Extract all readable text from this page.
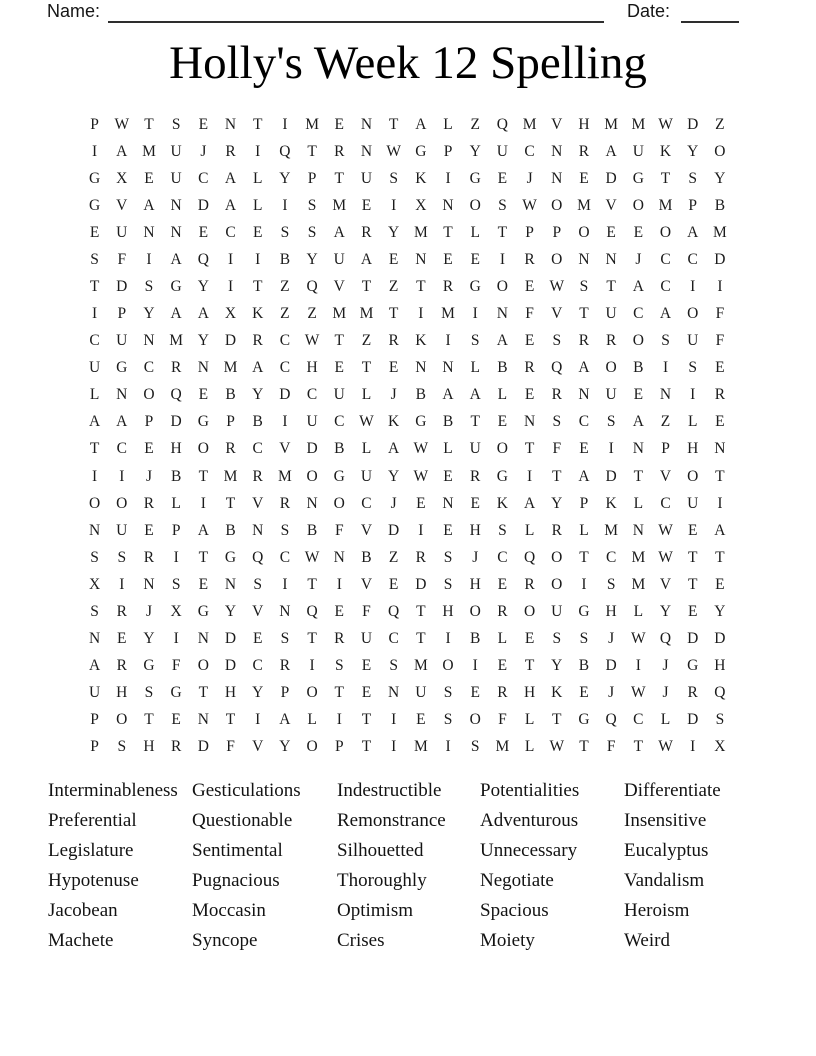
Name:	Date:
Holly's Week 12 Spelling
P W T S E N T I M E N T A L Z Q M V H M M W D Z
I A M U J R I Q T R N W G P Y U C N R A U K Y O
G X E U C A L Y P T U S K I G E J N E D G T S Y
G V A N D A L I S M E I X N O S W O M V O M P B
E U N N E C E S S A R Y M T L T P P O E E O A M
S F I A Q I I B Y U A E N E E I R O N N J C C D
T D S G Y I T Z Q V T Z T R G O E W S T A C I I
I P Y A A X K Z Z M M T I M I N F V T U C A O F
C U N M Y D R C W T Z R K I S A E S R R O S U F
U G C R N M A C H E T E N N L B R Q A O B I S E
L N O Q E B Y D C U L J B A A L E R N U E N I R
A A P D G P B I U C W K G B T E N S C S A Z L E
T C E H O R C V D B L A W L U O T F E I N P H N
I I J B T M R M O G U Y W E R G I T A D T V O T
O O R L I T V R N O C J E N E K A Y P K L C U I
N U E P A B N S B F V D I E H S L R L M N W E A
S S R I T G Q C W N B Z R S J C Q O T C M W T T
X I N S E N S I T I V E D S H E R O I S M V T E
S R J X G Y V N Q E F Q T H O R O U G H L Y E Y
N E Y I N D E S T R U C T I B L E S S J W Q D D
A R G F O D C R I S E S M O I E T Y B D I J G H
U H S G T H Y P O T E N U S E R H K E J W J R Q
P O T E N T I A L I T I E S O F L T G Q C L D S
P S H R D F V Y O P T I M I S M L W T F T W I X
Interminableness
Preferential
Legislature
Hypotenuse
Jacobean
Machete
Gesticulations
Questionable
Sentimental
Pugnacious
Moccasin
Syncope
Indestructible
Remonstrance
Silhouetted
Thoroughly
Optimism
Crises
Potentialities
Adventurous
Unnecessary
Negotiate
Spacious
Moiety
Differentiate
Insensitive
Eucalyptus
Vandalism
Heroism
Weird
